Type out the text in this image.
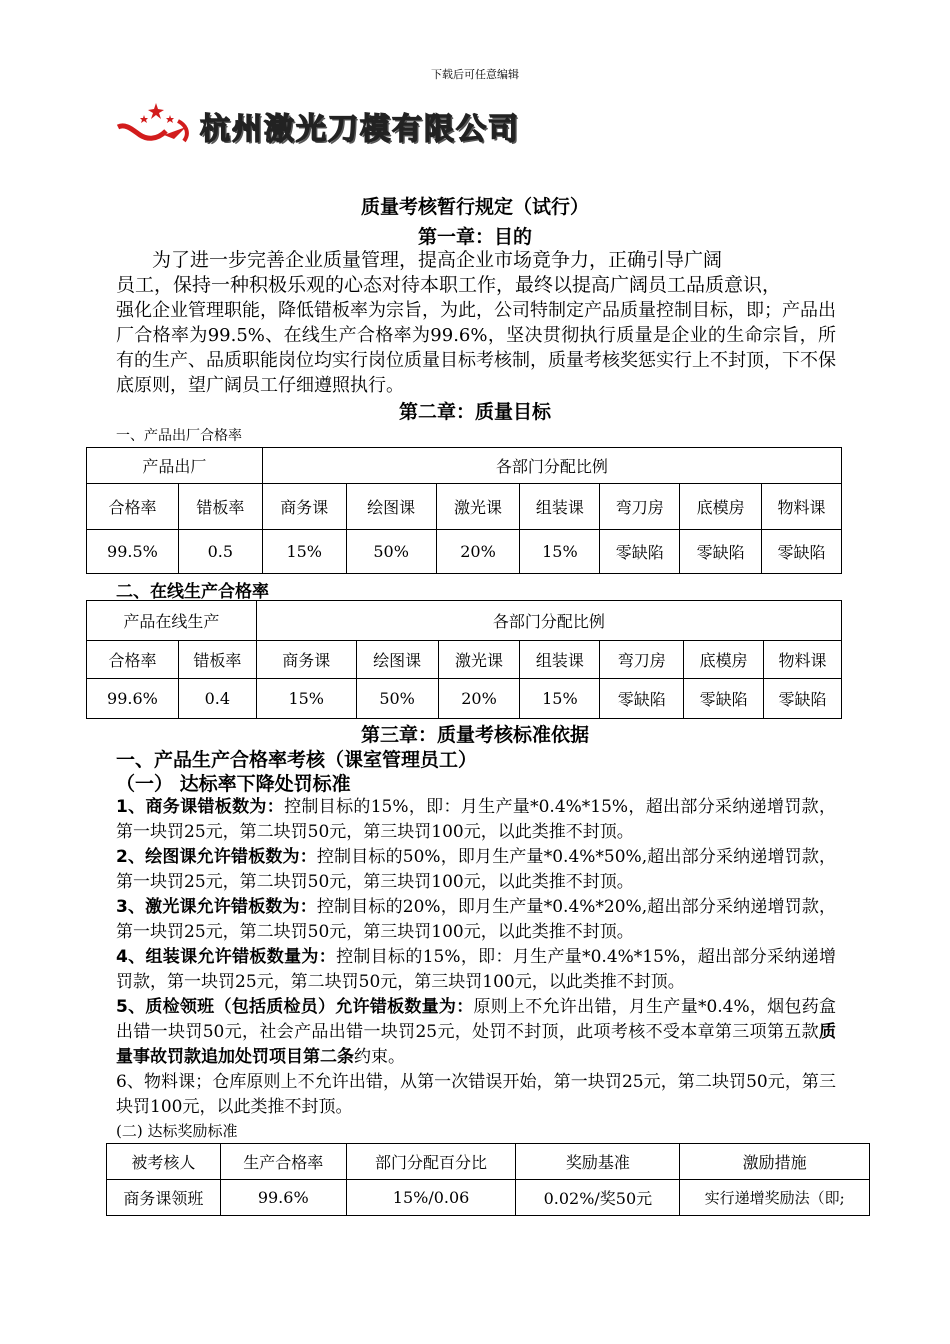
下载后可任意编辑
杭州激光刀模有限公司
质量考核暂行规定（试行）
第一章：目的

为了进一步完善企业质量管理，提高企业市场竟争力，正确引导广阔

员工，保持一种积极乐观的心态对待本职工作，最终以提高广阔员工品质意识，

强化企业管理职能，降低错板率为宗旨，为此，公司特制定产品质量控制目标，即；产品出厂合格率为99.5%、在线生产合格率为99.6%，坚决贯彻执行质量是企业的生命宗旨，所有的生产、品质职能岗位均实行岗位质量目标考核制，质量考核奖惩实行上不封顶，下不保底原则，望广阔员工仔细遵照执行。

第二章：质量目标
一、产品出厂合格率
产品出厂		各部门分配比例						
合格率	错板率	商务课	绘图课	激光课	组装课	弯刀房	底模房	物料课
99.5%	0.5	15%	50%	20%	15%	零缺陷	零缺陷	零缺陷
二、在线生产合格率
产品在线生产		各部门分配比例						
合格率	错板率	商务课	绘图课	激光课	组装课	弯刀房	底模房	物料课
99.6%	0.4	15%	50%	20%	15%	零缺陷	零缺陷	零缺陷
第三章：质量考核标准依据
一、产品生产合格率考核（课室管理员工）
（一） 达标率下降处罚标准

1、商务课错板数为：控制目标的15%，即：月生产量*0.4%*15%，超出部分采纳递增罚款，第一块罚25元，第二块罚50元，第三块罚100元，以此类推不封顶。

2、绘图课允许错板数为：控制目标的50%，即月生产量*0.4%*50%,超出部分采纳递增罚款，第一块罚25元，第二块罚50元，第三块罚100元，以此类推不封顶。

3、激光课允许错板数为：控制目标的20%，即月生产量*0.4%*20%,超出部分采纳递增罚款，第一块罚25元，第二块罚50元，第三块罚100元，以此类推不封顶。

4、组装课允许错板数量为：控制目标的15%，即：月生产量*0.4%*15%，超出部分采纳递增罚款，第一块罚25元，第二块罚50元，第三块罚100元，以此类推不封顶。

5、质检领班（包括质检员）允许错板数量为：原则上不允许出错，月生产量*0.4%，烟包药盒出错一块罚50元，社会产品出错一块罚25元，处罚不封顶，此项考核不受本章第三项第五款质量事故罚款追加处罚项目第二条约束。

6、物料课；仓库原则上不允许出错，从第一次错误开始，第一块罚25元，第二块罚50元，第三块罚100元，以此类推不封顶。

(二) 达标奖励标准
被考核人	生产合格率	部门分配百分比	奖励基准	激励措施
商务课领班	99.6%	15%/0.06	0.02%/奖50元	实行递增奖励法（即;
